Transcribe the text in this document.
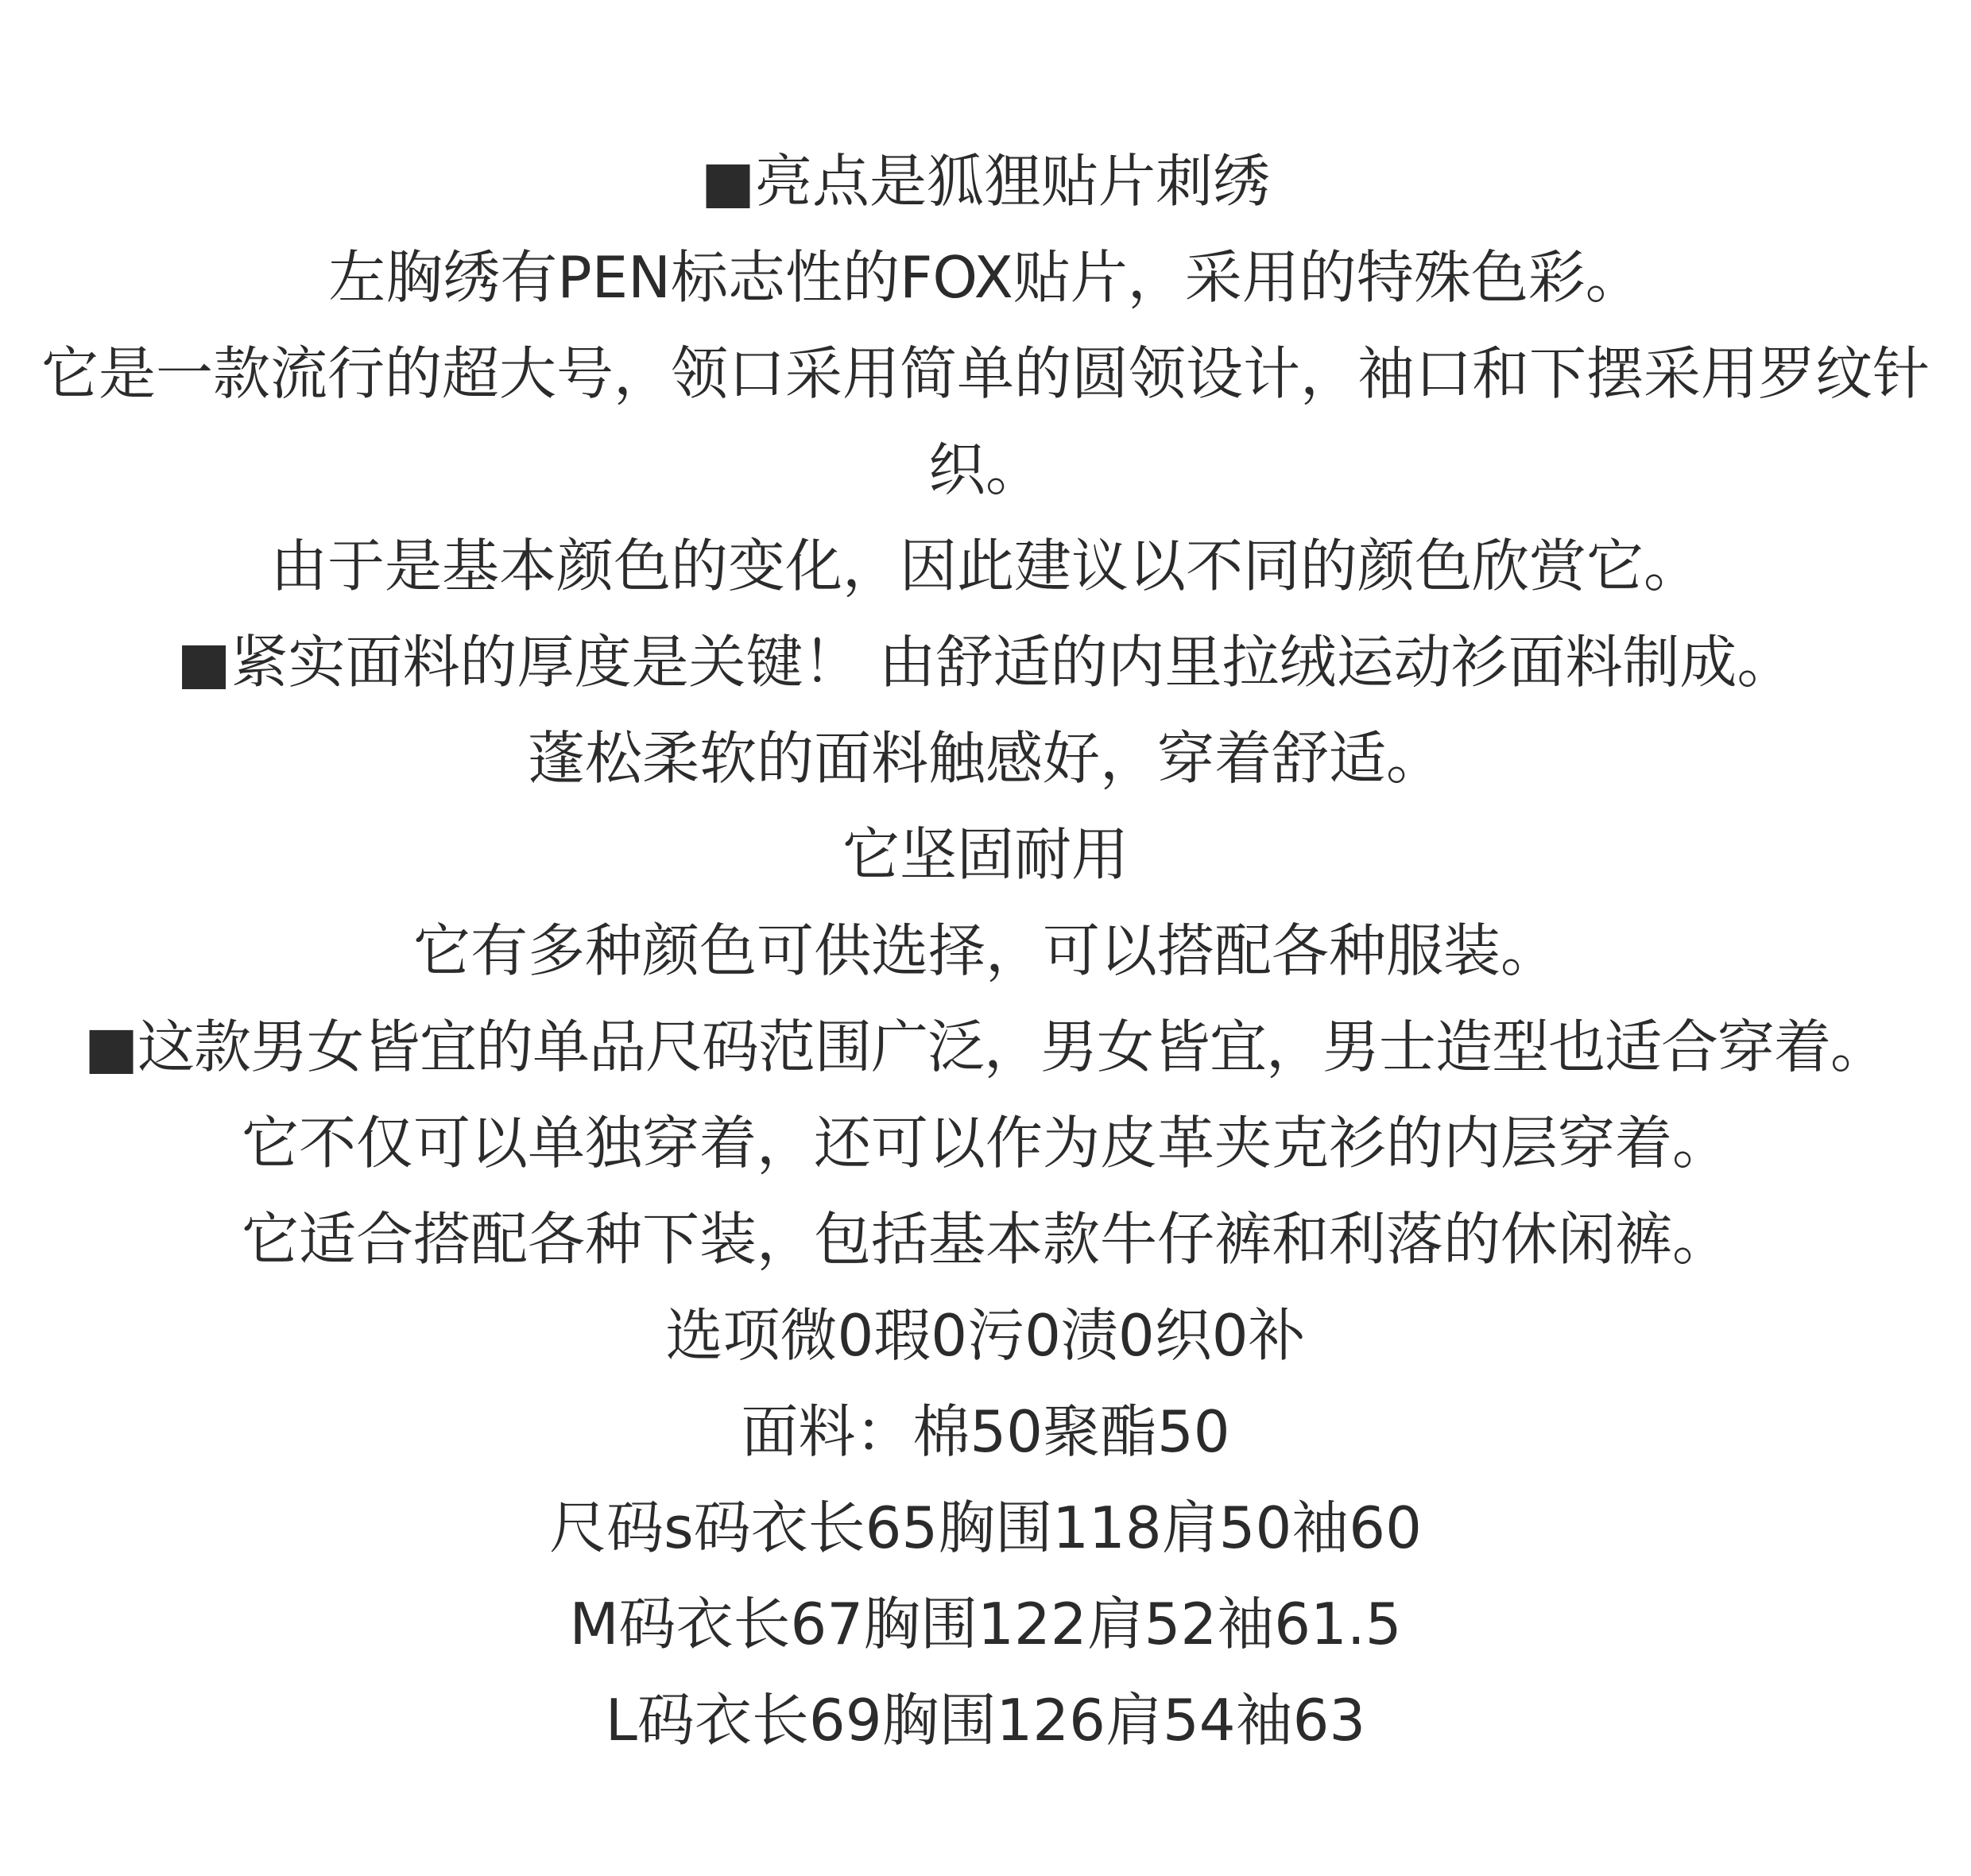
■亮点是狐狸贴片刺绣
左胸绣有PEN标志性的FOX贴片，采用的特殊色彩。
它是一款流行的超大号，领口采用简单的圆领设计，袖口和下摆采用罗纹针织。
由于是基本颜色的变化，因此建议以不同的颜色欣赏它。
■紧实面料的厚度是关键！ 由舒适的内里拉绒运动衫面料制成。
蓬松柔软的面料触感好，穿着舒适。
它坚固耐用
它有多种颜色可供选择，可以搭配各种服装。
■这款男女皆宜的单品尺码范围广泛，男女皆宜，男士造型也适合穿着。
它不仅可以单独穿着，还可以作为皮革夹克衫的内层穿着。
它适合搭配各种下装，包括基本款牛仔裤和利落的休闲裤。
选项微0瑕0污0渍0织0补
面料：棉50聚酯50
尺码s码衣长65胸围118肩50袖60
M码衣长67胸围122肩52袖61.5
L码衣长69胸围126肩54袖63
